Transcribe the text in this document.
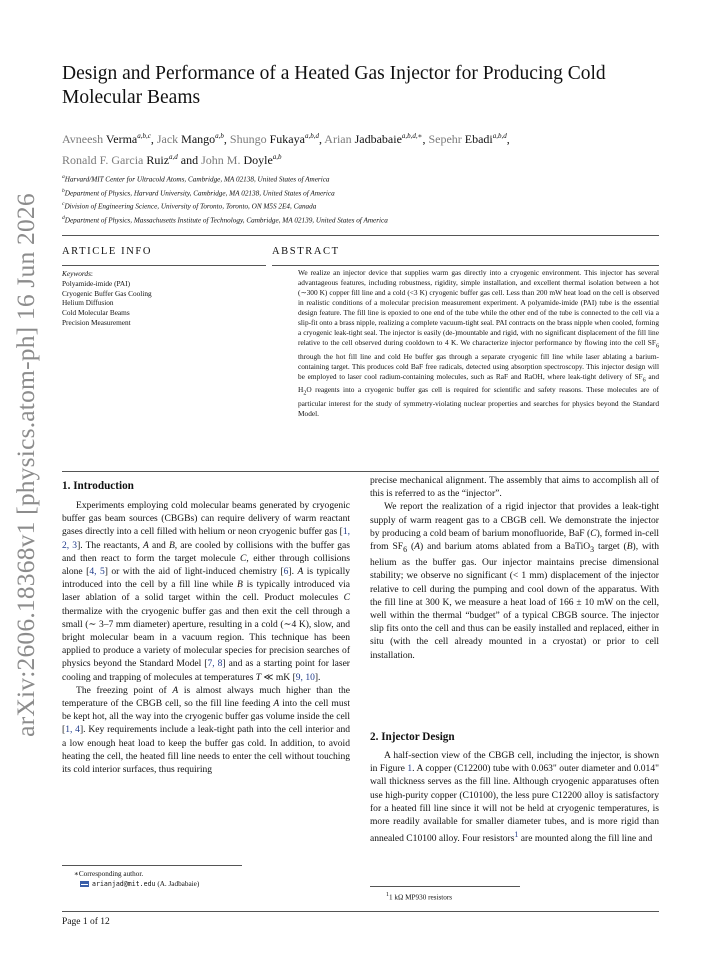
arXiv:2606.18368v1 [physics.atom-ph] 16 Jun 2026
Design and Performance of a Heated Gas Injector for Producing Cold Molecular Beams
Avneesh Verma$^{a,b,c}$, Jack Mango$^{a,b}$, Shungo Fukaya$^{a,b,d}$, Arian Jadbabaie$^{a,b,d,∗}$, Sepehr Ebadi$^{a,b,d}$,
Ronald F. Garcia Ruiz$^{a,d}$ and John M. Doyle$^{a,b}$
$^a$Harvard/MIT Center for Ultracold Atoms, Cambridge, MA 02138, United States of America
$^b$Department of Physics, Harvard University, Cambridge, MA 02138, United States of America
$^c$Division of Engineering Science, University of Toronto, Toronto, ON M5S 2E4, Canada
$^d$Department of Physics, Massachusetts Institute of Technology, Cambridge, MA 02139, United States of America
ARTICLE INFO
Keywords:
Polyamide-imide (PAI)
Cryogenic Buffer Gas Cooling
Helium Diffusion
Cold Molecular Beams
Precision Measurement
ABSTRACT

We realize an injector device that supplies warm gas directly into a cryogenic environment. This injector has several advantageous features, including robustness, rigidity, simple installation, and excellent thermal isolation between a hot (∼300 K) copper fill line and a cold (<3 K) cryogenic buffer gas cell. Less than 200 mW heat load on the cell is observed in realistic conditions of a molecular precision measurement experiment. A polyamide-imide (PAI) tube is the essential design feature. The fill line is epoxied to one end of the tube while the other end of the tube is connected to the cell via a slip-fit onto a brass nipple, realizing a complete vacuum-tight seal. PAI contracts on the brass nipple when cooled, forming a cryogenic leak-tight seal. The injector is easily (de-)mountable and rigid, with no significant displacement of the fill line relative to the cell observed during cooldown to 4 K. We characterize injector performance by flowing into the cell $SF_6$ through the hot fill line and cold He buffer gas through a separate cryogenic fill line while laser ablating a barium-containing target. This produces cold BaF free radicals, detected using absorption spectroscopy. This injector design will be employed to laser cool radium-containing molecules, such as RaF and RaOH, where leak-tight delivery of $SF_6$ and $H_2O$ reagents into a cryogenic buffer gas cell is required for scientific and safety reasons. These molecules are of particular interest for the study of symmetry-violating nuclear properties and searches for physics beyond the Standard Model.

1. Introduction

Experiments employing cold molecular beams generated by cryogenic buffer gas beam sources (CBGBs) can require delivery of warm reactant gases directly into a cell filled with helium or neon cryogenic buffer gas [1, 2, 3]. The reactants, A and B, are cooled by collisions with the buffer gas and then react to form the target molecule C, either through collisions alone [4, 5] or with the aid of light-induced chemistry [6]. A is typically introduced into the cell by a fill line while B is typically introduced via laser ablation of a solid target within the cell. Product molecules C thermalize with the cryogenic buffer gas and then exit the cell through a small (∼ 3–7 mm diameter) aperture, resulting in a cold (∼4 K), slow, and bright molecular beam in a vacuum region. This technique has been applied to produce a variety of molecular species for precision searches of physics beyond the Standard Model [7, 8] and as a starting point for laser cooling and trapping of molecules at temperatures T ≪ mK [9, 10].

The freezing point of A is almost always much higher than the temperature of the CBGB cell, so the fill line feeding A into the cell must be kept hot, all the way into the cryogenic buffer gas volume inside the cell [1, 4]. Key requirements include a leak-tight path into the cell interior and a low enough heat load to keep the buffer gas cold. In addition, to avoid heating the cell, the heated fill line needs to enter the cell without touching its cold interior surfaces, thus requiring

precise mechanical alignment. The assembly that aims to accomplish all of this is referred to as the “injector”.

We report the realization of a rigid injector that provides a leak-tight supply of warm reagent gas to a CBGB cell. We demonstrate the injector by producing a cold beam of barium monofluoride, BaF (C), formed in-cell from $SF_6$ (A) and barium atoms ablated from a BaTiO$_3$ target (B), with helium as the buffer gas. Our injector maintains precise dimensional stability; we observe no significant (< 1 mm) displacement of the injector relative to cell during the pumping and cool down of the apparatus. With the fill line at 300 K, we measure a heat load of 166 ± 10 mW on the cell, well within the thermal “budget” of a typical CBGB source. The injector slip fits onto the cell and thus can be easily installed and replaced, either in situ (with the cell already mounted in a cryostat) or prior to cell installation.

2. Injector Design

A half-section view of the CBGB cell, including the injector, is shown in Figure 1. A copper (C12200) tube with 0.063" outer diameter and 0.014" wall thickness serves as the fill line. Although cryogenic apparatuses often use high-purity copper (C10100), the less pure C12200 alloy is satisfactory for a heated fill line since it will not be held at cryogenic temperatures, is more readily available for smaller diameter tubes, and is more rigid than annealed C10100 alloy. Four resistors$^1$ are mounted along the fill line and

∗Corresponding author.
arianjad@mit.edu (A. Jadbabaie)
$^1$1 kΩ MP930 resistors
Page 1 of 12
